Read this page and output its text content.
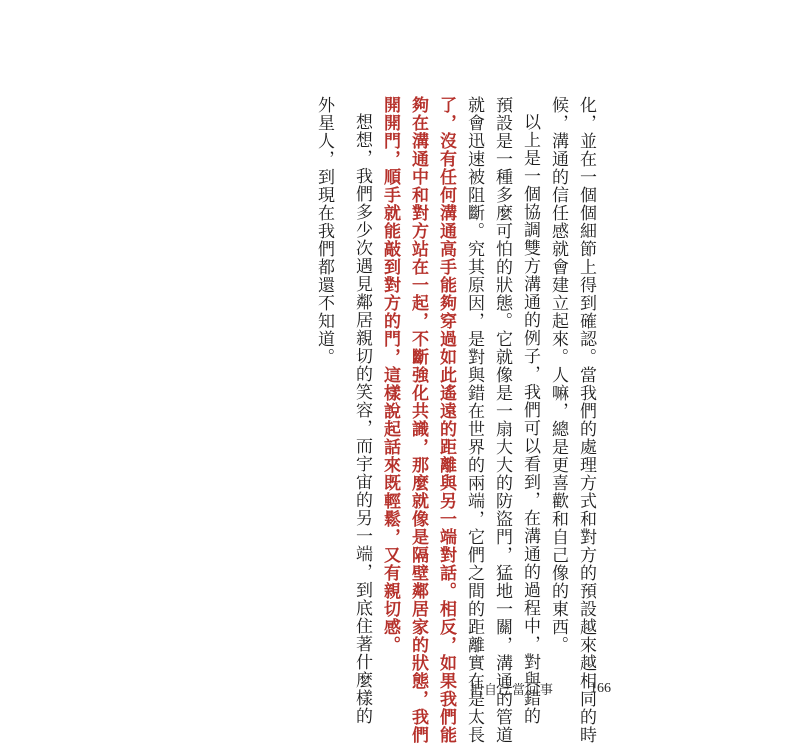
化，並在一個個細節上得到確認。當我們的處理方式和對方的預設越來越相同的時
候，溝通的信任感就會建立起來。人嘛，總是更喜歡和自己像的東西。
以上是一個協調雙方溝通的例子，我們可以看到，在溝通的過程中，對與錯的
預設是一種多麼可怕的狀態。它就像是一扇大大的防盜門，猛地一關，溝通的管道
就會迅速被阻斷。究其原因，是對與錯在世界的兩端，它們之間的距離實在是太長
了，沒有任何溝通高手能夠穿過如此遙遠的距離與另一端對話。相反，如果我們能
夠在溝通中和對方站在一起，不斷強化共識，那麼就像是隔壁鄰居家的狀態，我們
開開門，順手就能敲到對方的門，這樣說起話來既輕鬆，又有親切感。
想想，我們多少次遇見鄰居親切的笑容，而宇宙的另一端，到底住著什麼樣的
外星人，到現在我們都還不知道。
把自己當回事	166
